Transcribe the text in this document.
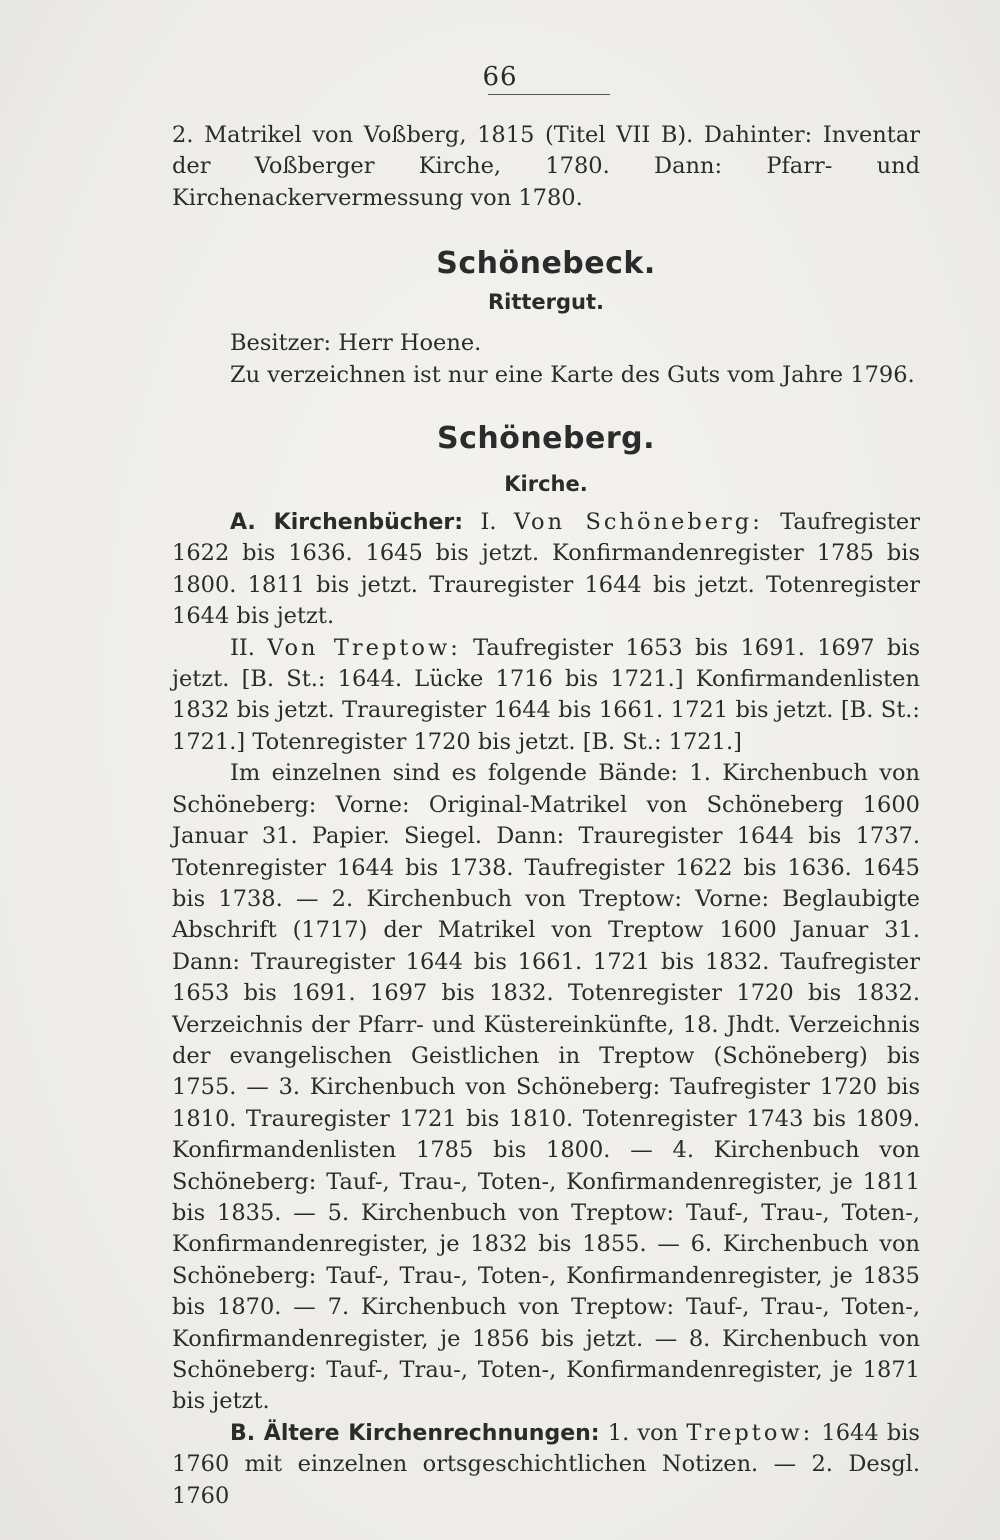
66

2. Matrikel von Voßberg, 1815 (Titel VII B). Dahinter: Inventar der Voßberger Kirche, 1780. Dann: Pfarr- und Kirchenackervermessung von 1780.

Schönebeck.
Rittergut.

Besitzer: Herr Hoene.

Zu verzeichnen ist nur eine Karte des Guts vom Jahre 1796.

Schöneberg.
Kirche.

A. Kirchenbücher: I. Von Schöneberg: Taufregister 1622 bis 1636. 1645 bis jetzt. Konfirmandenregister 1785 bis 1800. 1811 bis jetzt. Trauregister 1644 bis jetzt. Totenregister 1644 bis jetzt.

II. Von Treptow: Taufregister 1653 bis 1691. 1697 bis jetzt. [B. St.: 1644. Lücke 1716 bis 1721.] Konfirmandenlisten 1832 bis jetzt. Trauregister 1644 bis 1661. 1721 bis jetzt. [B. St.: 1721.] Totenregister 1720 bis jetzt. [B. St.: 1721.]

Im einzelnen sind es folgende Bände: 1. Kirchenbuch von Schöneberg: Vorne: Original-Matrikel von Schöneberg 1600 Januar 31. Papier. Siegel. Dann: Trauregister 1644 bis 1737. Totenregister 1644 bis 1738. Taufregister 1622 bis 1636. 1645 bis 1738. — 2. Kirchenbuch von Treptow: Vorne: Beglaubigte Abschrift (1717) der Matrikel von Treptow 1600 Januar 31. Dann: Trauregister 1644 bis 1661. 1721 bis 1832. Taufregister 1653 bis 1691. 1697 bis 1832. Totenregister 1720 bis 1832. Verzeichnis der Pfarr- und Küstereinkünfte, 18. Jhdt. Verzeichnis der evangelischen Geistlichen in Treptow (Schöneberg) bis 1755. — 3. Kirchenbuch von Schöneberg: Taufregister 1720 bis 1810. Trauregister 1721 bis 1810. Totenregister 1743 bis 1809. Konfirmandenlisten 1785 bis 1800. — 4. Kirchenbuch von Schöneberg: Tauf-, Trau-, Toten-, Konfirmandenregister, je 1811 bis 1835. — 5. Kirchenbuch von Treptow: Tauf-, Trau-, Toten-, Konfirmandenregister, je 1832 bis 1855. — 6. Kirchenbuch von Schöneberg: Tauf-, Trau-, Toten-, Konfirmandenregister, je 1835 bis 1870. — 7. Kirchenbuch von Treptow: Tauf-, Trau-, Toten-, Konfirmandenregister, je 1856 bis jetzt. — 8. Kirchenbuch von Schöneberg: Tauf-, Trau-, Toten-, Konfirmandenregister, je 1871 bis jetzt.

B. Ältere Kirchenrechnungen: 1. von Treptow: 1644 bis 1760 mit einzelnen ortsgeschichtlichen Notizen. — 2. Desgl. 1760
